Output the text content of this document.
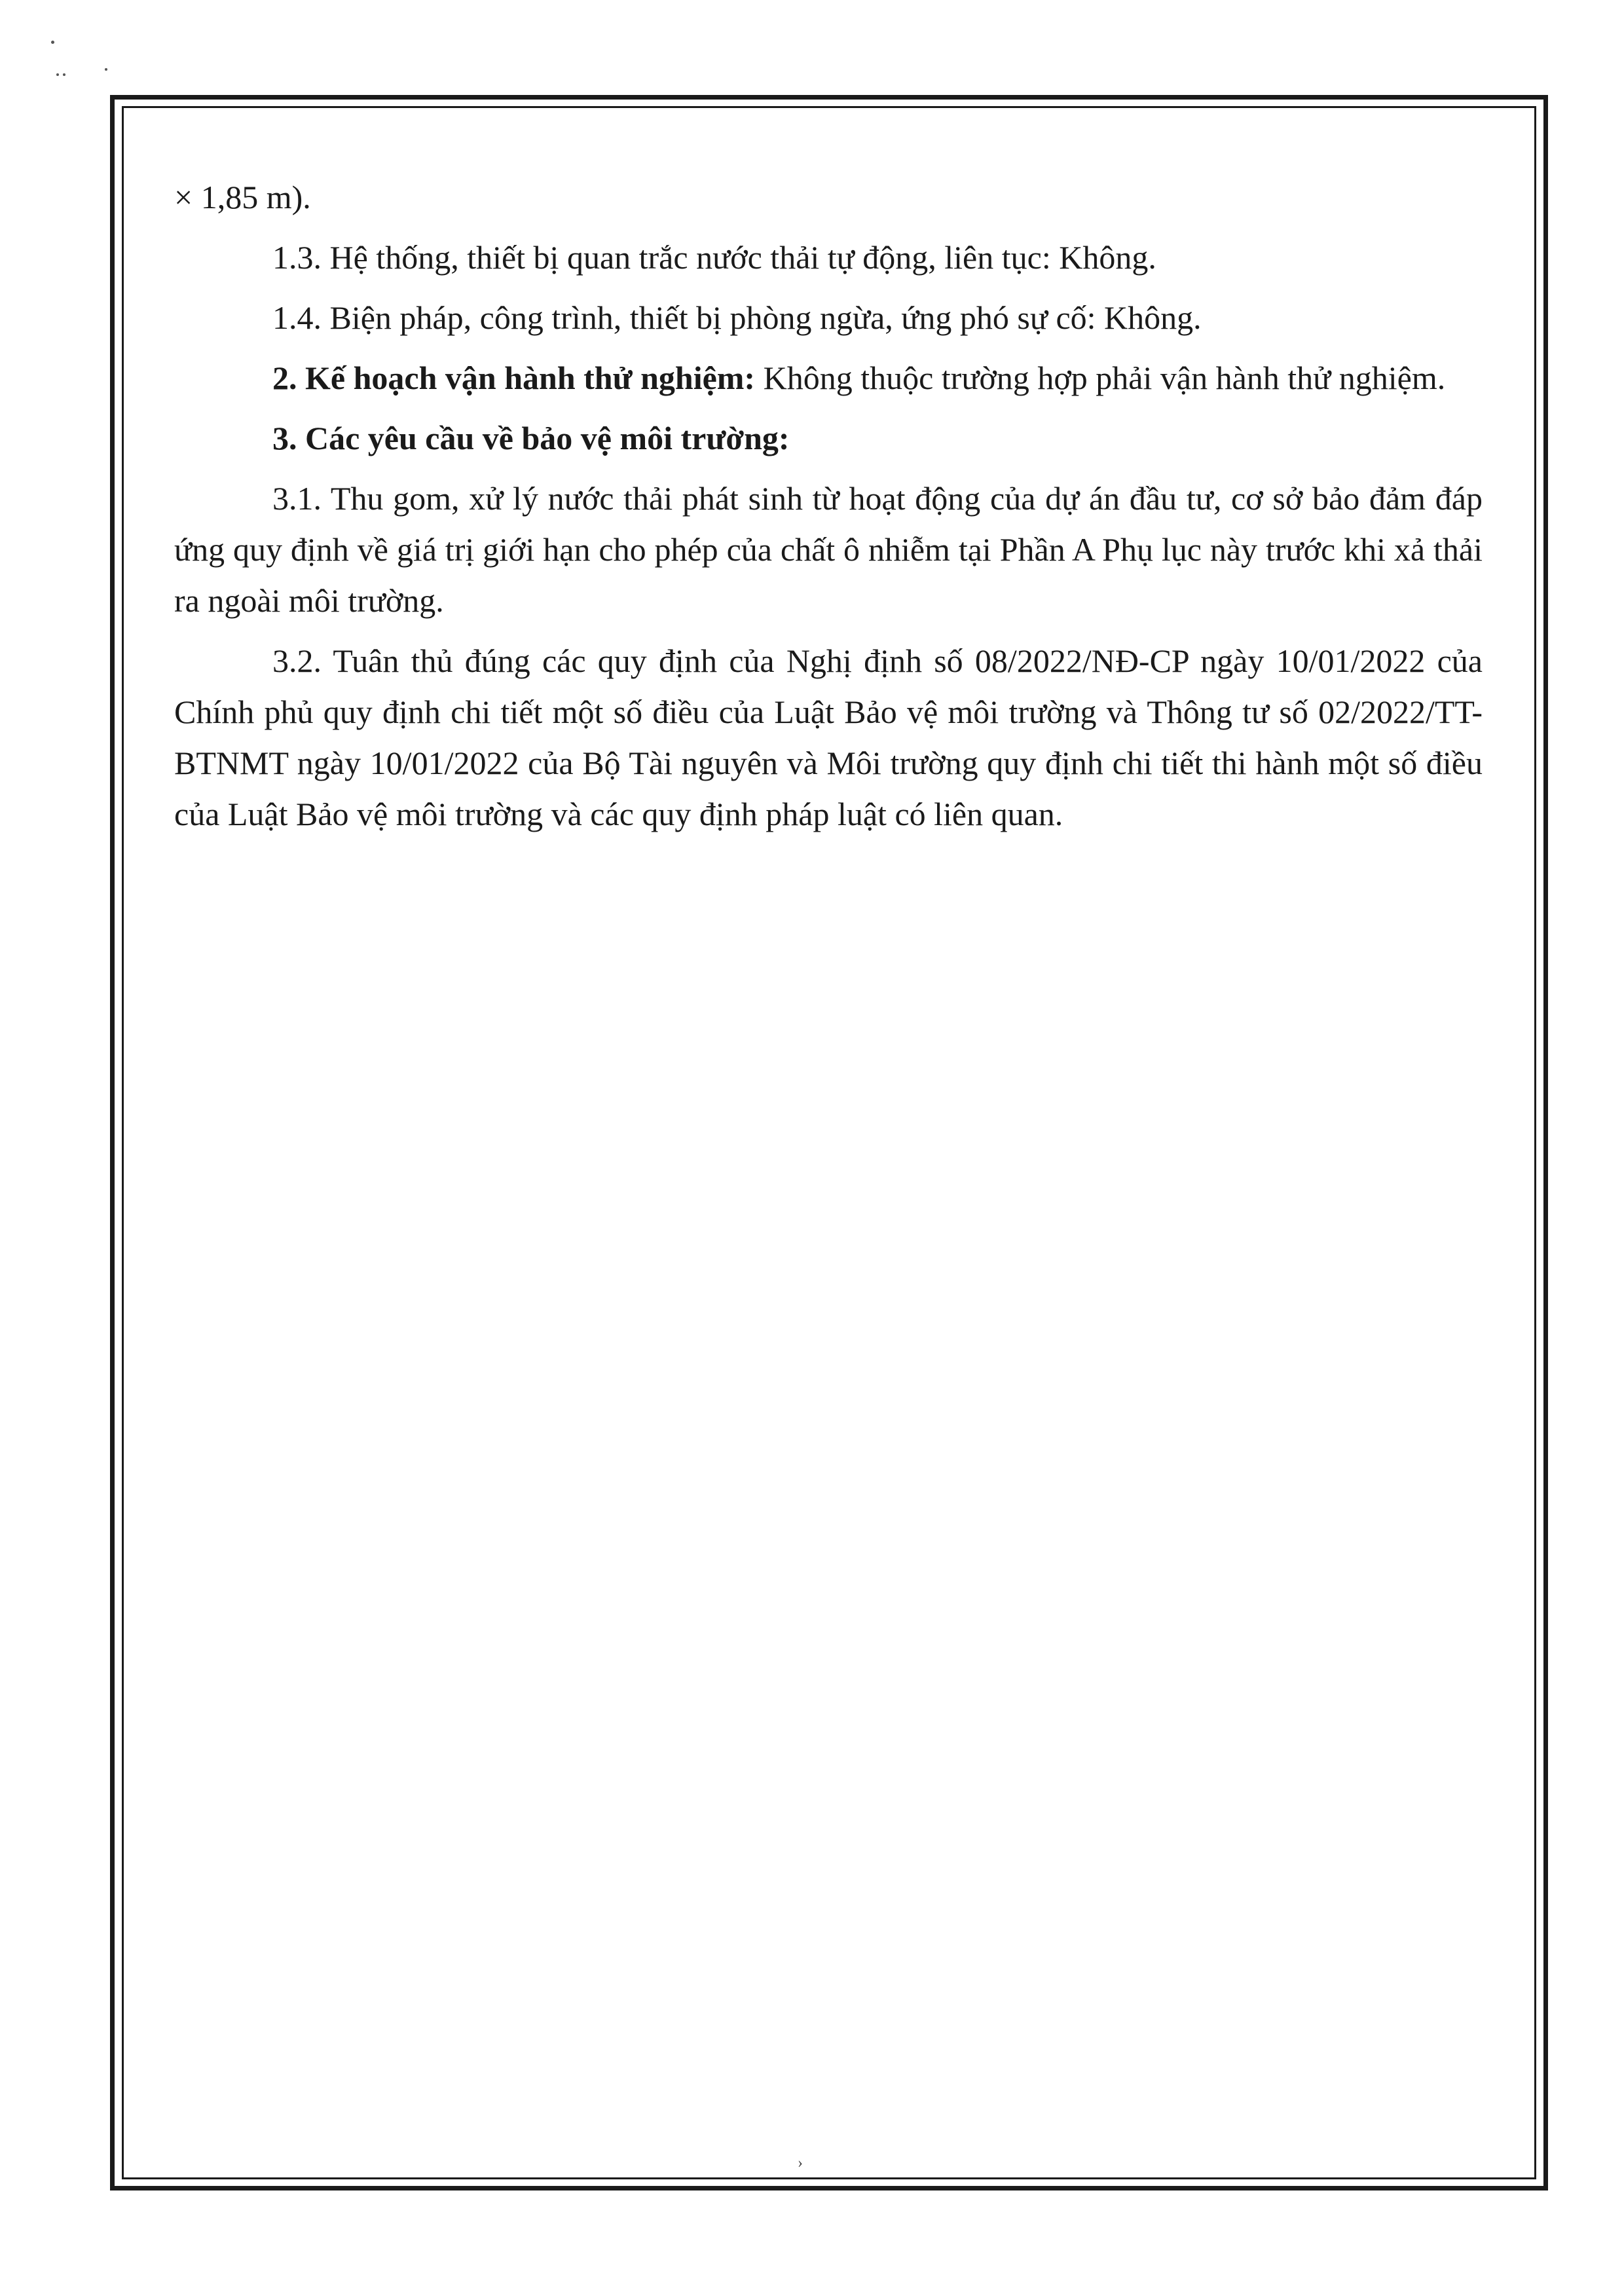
× 1,85 m).

1.3. Hệ thống, thiết bị quan trắc nước thải tự động, liên tục: Không.

1.4. Biện pháp, công trình, thiết bị phòng ngừa, ứng phó sự cố: Không.

2. Kế hoạch vận hành thử nghiệm: Không thuộc trường hợp phải vận hành thử nghiệm.

3. Các yêu cầu về bảo vệ môi trường:

3.1. Thu gom, xử lý nước thải phát sinh từ hoạt động của dự án đầu tư, cơ sở bảo đảm đáp ứng quy định về giá trị giới hạn cho phép của chất ô nhiễm tại Phần A Phụ lục này trước khi xả thải ra ngoài môi trường.

3.2. Tuân thủ đúng các quy định của Nghị định số 08/2022/NĐ-CP ngày 10/01/2022 của Chính phủ quy định chi tiết một số điều của Luật Bảo vệ môi trường và Thông tư số 02/2022/TT-BTNMT ngày 10/01/2022 của Bộ Tài nguyên và Môi trường quy định chi tiết thi hành một số điều của Luật Bảo vệ môi trường và các quy định pháp luật có liên quan.

›
